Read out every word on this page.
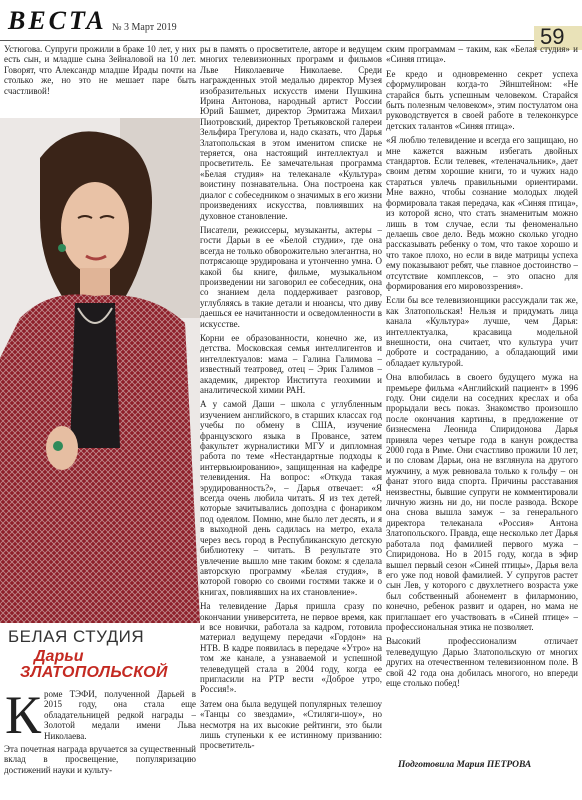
ВЕСТА № 3 Март 2019	59

Устюгова. Супруги прожили в браке 10 лет, у них есть сын, и младше сына Зейналовой на 10 лет. Говорят, что Александр младше Ирады почти на столько же, но это не мешает паре быть счастливой!

БЕЛАЯ СТУДИЯ
Дарьи
ЗЛАТОПОЛЬСКОЙ
К роме ТЭФИ, полученной Дарьей в 2015 году, она стала еще обладательницей редкой награды – Золотой медали имени Льва Николаева.

Эта почетная награда вручается за существенный вклад в просвещение, популяризацию достижений науки и культу-

ры в память о просветителе, авторе и ведущем многих телевизионных программ и фильмов Льве Николаевиче Николаеве. Среди награжденных этой медалью директор Музея изобразительных искусств имени Пушкина Ирина Антонова, народный артист России Юрий Башмет, директор Эрмитажа Михаил Пиотровский, директор Третьяковской галереи Зельфира Трегулова и, надо сказать, что Дарья Златопольская в этом именитом списке не теряется, она настоящий интеллектуал и просветитель. Ее замечательная программа «Белая студия» на телеканале «Культура» воистину познавательна. Она построена как диалог с собеседником о значимых в его жизни произведениях искусства, повлиявших на духовное становление.

Писатели, режиссеры, музыканты, актеры – гости Дарьи в ее «Белой студии», где она всегда не только обворожительно элегантна, но потрясающе эрудирована и утонченно умна. О какой бы книге, фильме, музыкальном произведении ни заговорил ее собеседник, она со знанием дела поддерживает разговор, углубляясь в такие детали и нюансы, что диву даешься ее начитанности и осведомленности в искусстве.

Корни ее образованности, конечно же, из детства. Московская семья интеллигентов и интеллектуалов: мама – Галина Галимова – известный театровед, отец – Эрик Галимов – академик, директор Института геохимии и аналитической химии РАН.

А у самой Даши – школа с углубленным изучением английского, в старших классах год учебы по обмену в США, изучение французского языка в Провансе, затем факультет журналистики МГУ и дипломная работа по теме «Нестандартные подходы к интервьюированию», защищенная на кафедре телевидения. На вопрос: «Откуда такая эрудированность?», – Дарья отвечает: «Я всегда очень любила читать. Я из тех детей, которые зачитывались допоздна с фонариком под одеялом. Помню, мне было лет десять, и я в выходной день садилась на метро, ехала через весь город в Республиканскую детскую библиотеку – читать. В результате это увлечение вышло мне таким боком: я сделала авторскую программу «Белая студия», в которой говорю со своими гостями также и о книгах, повлиявших на их становление».

На телевидение Дарья пришла сразу по окончании университета, не первое время, как и все новички, работала за кадром, готовила материал ведущему передачи «Гордон» на НТВ. В кадре появилась в передаче «Утро» на том же канале, а узнаваемой и успешной телеведущей стала в 2004 году, когда ее пригласили на РТР вести «Доброе утро, Россия!».

Затем она была ведущей популярных телешоу «Танцы со звездами», «Стиляги-шоу», но несмотря на их высокие рейтинги, это были лишь ступеньки к ее истинному призванию: просветитель-

ским программам – таким, как «Белая студия» и «Синяя птица».

Ее кредо и одновременно секрет успеха сформулирован когда-то Эйнштейном: «Не старайся быть успешным человеком. Старайся быть полезным человеком», этим постулатом она руководствуется в своей работе в телеконкурсе детских талантов «Синяя птица».

«Я люблю телевидение и всегда его защищаю, но мне кажется важным избегать двойных стандартов. Если телевек, «теленачальник», дает своим детям хорошие книги, то и чужих надо стараться увлечь правильными ориентирами. Мне важно, чтобы сознание молодых людей формировала такая передача, как «Синяя птица», из которой ясно, что стать знаменитым можно лишь в том случае, если ты феноменально делаешь свое дело. Ведь можно сколько угодно рассказывать ребенку о том, что такое хорошо и что такое плохо, но если в виде матрицы успеха ему показывают ребят, чье главное достоинство – отсутствие комплексов, – это опасно для формирования его мировоззрения».

Если бы все телевизионщики рассуждали так же, как Златопольская! Нельзя и придумать лица канала «Культура» лучше, чем Дарья: интеллектуалка, красавица модельной внешности, она считает, что культура учит доброте и состраданию, а обладающий ими обладает культурой.

Она влюбилась в своего будущего мужа на премьере фильма «Английский пациент» в 1996 году. Они сидели на соседних креслах и оба прорыдали весь показ. Знакомство произошло после окончания картины, в предложение от бизнесмена Леонида Спиридонова Дарья приняла через четыре года в канун рождества 2000 года в Риме. Они счастливо прожили 10 лет, и по словам Дарьи, она не взглянула на другого мужчину, а муж ревновала только к гольфу – он фанат этого вида спорта. Причины расставания неизвестны, бывшие супруги не комментировали личную жизнь ни до, ни после развода. Вскоре она снова вышла замуж – за генерального директора телеканала «Россия» Антона Златопольского. Правда, еще несколько лет Дарья работала под фамилией первого мужа – Спиридонова. Но в 2015 году, когда в эфир вышел первый сезон «Синей птицы», Дарья вела его уже под новой фамилией. У супругов растет сын Лев, у которого с двухлетнего возраста уже был собственный абонемент в филармонию, конечно, ребенок развит и одарен, но мама не приглашает его участвовать в «Синей птице» – профессиональная этика не позволяет.

Высокий профессионализм отличает телеведущую Дарью Златопольскую от многих других на отечественном телевизионном поле. В свой 42 года она добилась многого, но впереди еще столько побед!

Подготовила Мария ПЕТРОВА
